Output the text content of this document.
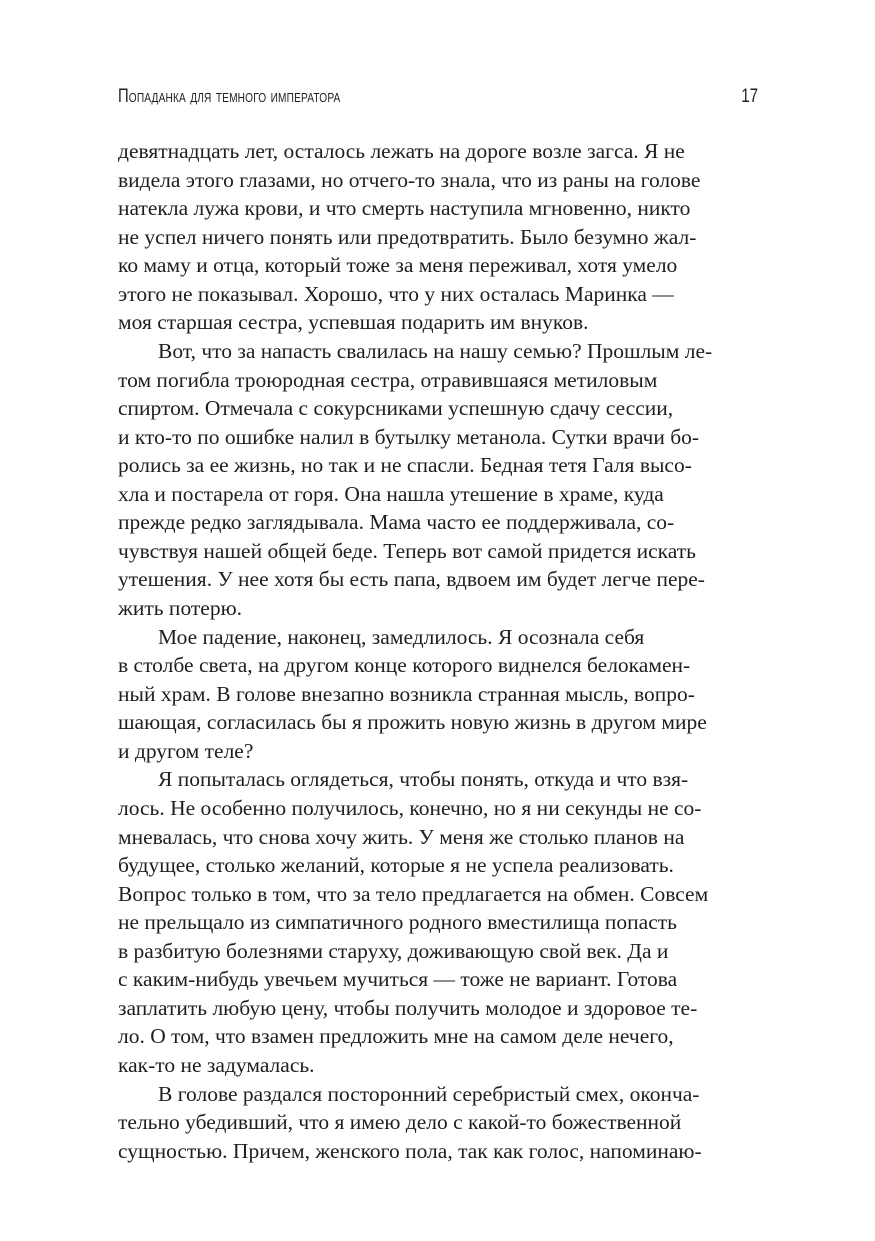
Попаданка для темного императора	17
девятнадцать лет, осталось лежать на дороге возле загса. Я не
видела этого глазами, но отчего-то знала, что из раны на голове
натекла лужа крови, и что смерть наступила мгновенно, никто
не успел ничего понять или предотвратить. Было безумно жал-
ко маму и отца, который тоже за меня переживал, хотя умело
этого не показывал. Хорошо, что у них осталась Маринка —
моя старшая сестра, успевшая подарить им внуков.
Вот, что за напасть свалилась на нашу семью? Прошлым ле-
том погибла троюродная сестра, отравившаяся метиловым
спиртом. Отмечала с сокурсниками успешную сдачу сессии,
и кто-то по ошибке налил в бутылку метанола. Сутки врачи бо-
ролись за ее жизнь, но так и не спасли. Бедная тетя Галя высо-
хла и постарела от горя. Она нашла утешение в храме, куда
прежде редко заглядывала. Мама часто ее поддерживала, со-
чувствуя нашей общей беде. Теперь вот самой придется искать
утешения. У нее хотя бы есть папа, вдвоем им будет легче пере-
жить потерю.
Мое падение, наконец, замедлилось. Я осознала себя
в столбе света, на другом конце которого виднелся белокамен-
ный храм. В голове внезапно возникла странная мысль, вопро-
шающая, согласилась бы я прожить новую жизнь в другом мире
и другом теле?
Я попыталась оглядеться, чтобы понять, откуда и что взя-
лось. Не особенно получилось, конечно, но я ни секунды не со-
мневалась, что снова хочу жить. У меня же столько планов на
будущее, столько желаний, которые я не успела реализовать.
Вопрос только в том, что за тело предлагается на обмен. Совсем
не прельщало из симпатичного родного вместилища попасть
в разбитую болезнями старуху, доживающую свой век. Да и
с каким-нибудь увечьем мучиться — тоже не вариант. Готова
заплатить любую цену, чтобы получить молодое и здоровое те-
ло. О том, что взамен предложить мне на самом деле нечего,
как-то не задумалась.
В голове раздался посторонний серебристый смех, оконча-
тельно убедивший, что я имею дело с какой-то божественной
сущностью. Причем, женского пола, так как голос, напоминаю-
